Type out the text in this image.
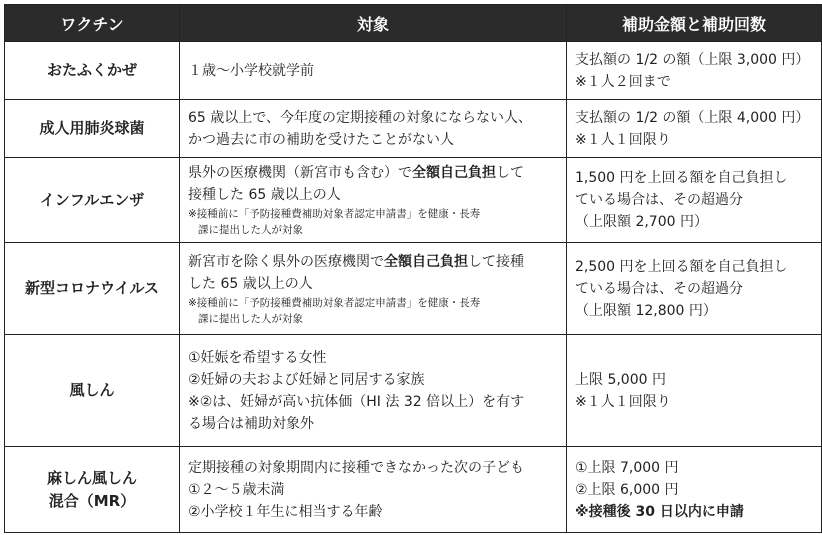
ワクチン	対象	補助金額と補助回数

おたふくかぜ	１歳～小学校就学前	支払額の 1/2 の額（上限 3,000 円）
※１人２回まで

成人用肺炎球菌	65 歳以上で、今年度の定期接種の対象にならない人、
かつ過去に市の補助を受けたことがない人	支払額の 1/2 の額（上限 4,000 円）
※１人１回限り

インフルエンザ	県外の医療機関（新宮市も含む）で全額自己負担して
接種した 65 歳以上の人
※接種前に「予防接種費補助対象者認定申請書」を健康・長寿
課に提出した人が対象	1,500 円を上回る額を自己負担し
ている場合は、その超過分
（上限額 2,700 円）

新型コロナウイルス	新宮市を除く県外の医療機関で全額自己負担して接種
した 65 歳以上の人
※接種前に「予防接種費補助対象者認定申請書」を健康・長寿
課に提出した人が対象	2,500 円を上回る額を自己負担し
ている場合は、その超過分
（上限額 12,800 円）

風しん	①妊娠を希望する女性
②妊婦の夫および妊婦と同居する家族
※②は、妊婦が高い抗体価（HI 法 32 倍以上）を有す
る場合は補助対象外	上限 5,000 円
※１人１回限り

麻しん風しん
混合（MR）	定期接種の対象期間内に接種できなかった次の子ども
①２～５歳未満
②小学校１年生に相当する年齢	①上限 7,000 円
②上限 6,000 円
※接種後 30 日以内に申請
